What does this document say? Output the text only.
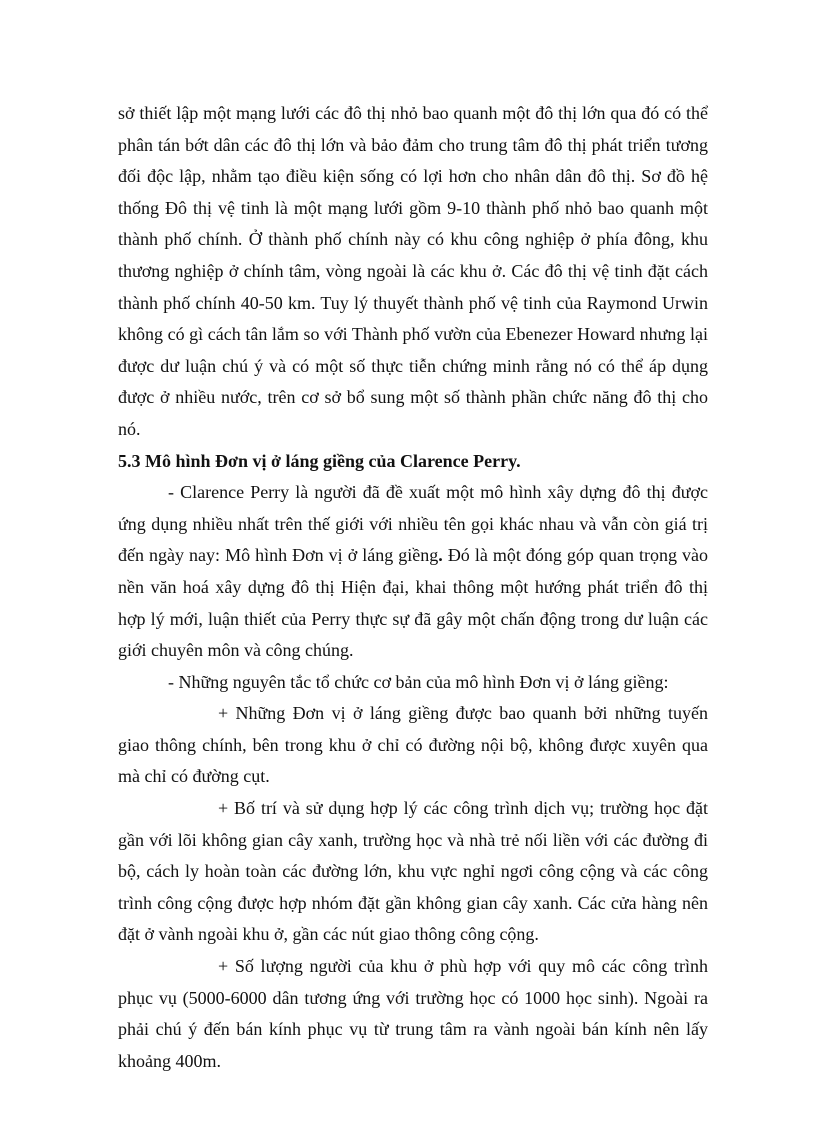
sở thiết lập một mạng lưới các đô thị nhỏ bao quanh một đô thị lớn qua đó có thể phân tán bớt dân các đô thị lớn và bảo đảm cho trung tâm đô thị phát triển tương đối độc lập, nhằm tạo điều kiện sống có lợi hơn cho nhân dân đô thị. Sơ đồ hệ thống Đô thị vệ tinh là một mạng lưới gồm 9-10 thành phố nhỏ bao quanh một thành phố chính. Ở thành phố chính này có khu công nghiệp ở phía đông, khu thương nghiệp ở chính tâm, vòng ngoài là các khu ở. Các đô thị vệ tinh đặt cách thành phố chính 40-50 km. Tuy lý thuyết thành phố vệ tinh của Raymond Urwin không có gì cách tân lắm so với Thành phố vườn của Ebenezer Howard nhưng lại được dư luận chú ý và có một số thực tiễn chứng minh rằng nó có thể áp dụng được ở nhiều nước, trên cơ sở bổ sung một số thành phần chức năng đô thị cho nó.

5.3 Mô hình Đơn vị ở láng giềng của Clarence Perry.

- Clarence Perry là người đã đề xuất một mô hình xây dựng đô thị được ứng dụng nhiều nhất trên thế giới với nhiều tên gọi khác nhau và vẫn còn giá trị đến ngày nay: Mô hình Đơn vị ở láng giềng. Đó là một đóng góp quan trọng vào nền văn hoá xây dựng đô thị Hiện đại, khai thông một hướng phát triển đô thị hợp lý mới, luận thiết của Perry thực sự đã gây một chấn động trong dư luận các giới chuyên môn và công chúng.

- Những nguyên tắc tổ chức cơ bản của mô hình Đơn vị ở láng giềng:

+ Những Đơn vị ở láng giềng được bao quanh bởi những tuyến giao thông chính, bên trong khu ở chỉ có đường nội bộ, không được xuyên qua mà chỉ có đường cụt.

+ Bố trí và sử dụng hợp lý các công trình dịch vụ; trường học đặt gần với lõi không gian cây xanh, trường học và nhà trẻ nối liền với các đường đi bộ, cách ly hoàn toàn các đường lớn, khu vực nghỉ ngơi công cộng và các công trình công cộng được hợp nhóm đặt gần không gian cây xanh. Các cửa hàng nên đặt ở vành ngoài khu ở, gần các nút giao thông công cộng.

+ Số lượng người của khu ở phù hợp với quy mô các công trình phục vụ (5000-6000 dân tương ứng với trường học có 1000 học sinh). Ngoài ra phải chú ý đến bán kính phục vụ từ trung tâm ra vành ngoài bán kính nên lấy khoảng 400m.
